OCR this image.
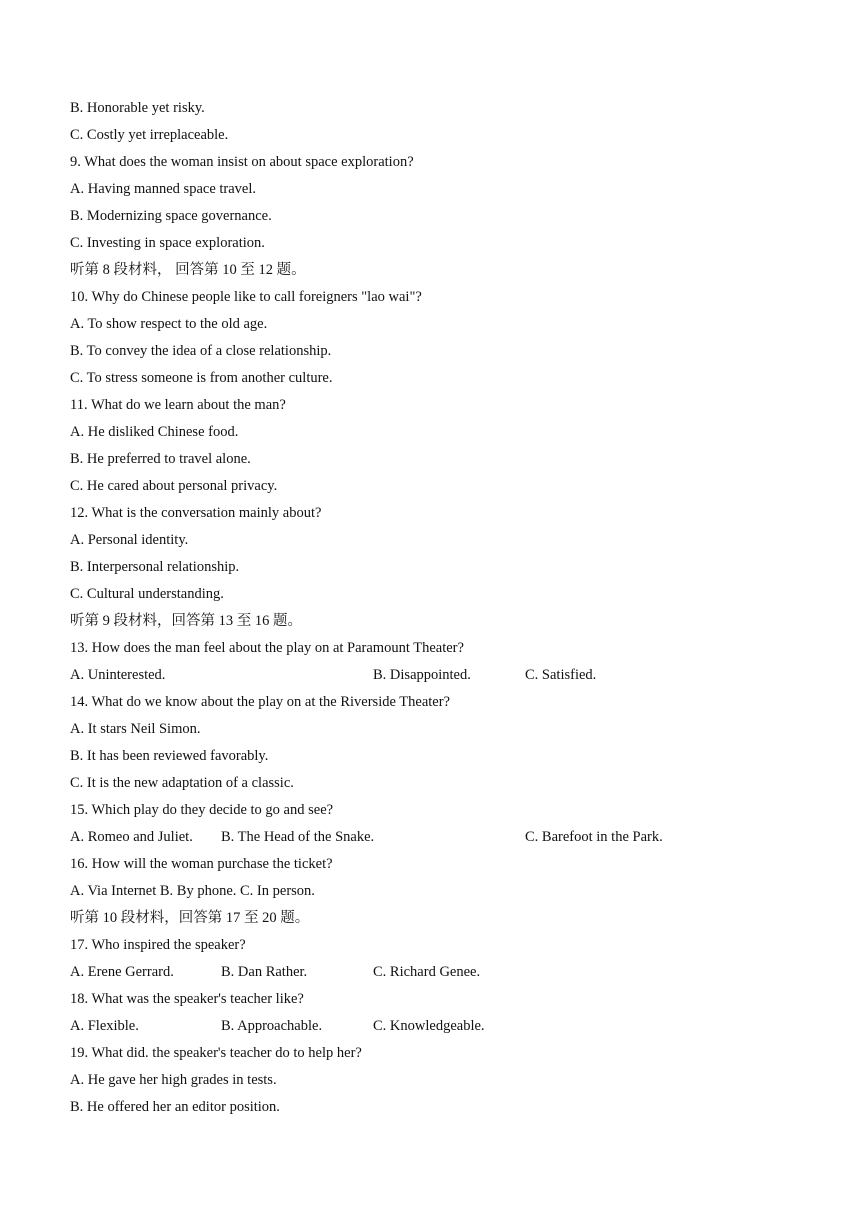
B. Honorable yet risky.
C. Costly yet irreplaceable.
9. What does the woman insist on about space exploration?
A. Having manned space travel.
B. Modernizing space governance.
C. Investing in space exploration.
听第 8 段材料， 回答第 10 至 12 题。
10. Why do Chinese people like to call foreigners "lao wai"?
A. To show respect to the old age.
B. To convey the idea of a close relationship.
C. To stress someone is from another culture.
11. What do we learn about the man?
A. He disliked Chinese food.
B. He preferred to travel alone.
C. He cared about personal privacy.
12. What is the conversation mainly about?
A. Personal identity.
B. Interpersonal relationship.
C. Cultural understanding.
听第 9 段材料，回答第 13 至 16 题。
13. How does the man feel about the play on at Paramount Theater?
A. Uninterested.	B. Disappointed.	C. Satisfied.
14. What do we know about the play on at the Riverside Theater?
A. It stars Neil Simon.
B. It has been reviewed favorably.
C. It is the new adaptation of a classic.
15. Which play do they decide to go and see?
A. Romeo and Juliet. B. The Head of the Snake.	C. Barefoot in the Park.
16. How will the woman purchase the ticket?
A. Via Internet B. By phone. C. In person.
听第 10 段材料，回答第 17 至 20 题。
17. Who inspired the speaker?
A. Erene Gerrard.	B. Dan Rather.	C. Richard Genee.
18. What was the speaker's teacher like?
A. Flexible.	B. Approachable.	C. Knowledgeable.
19. What did. the speaker's teacher do to help her?
A. He gave her high grades in tests.
B. He offered her an editor position.
